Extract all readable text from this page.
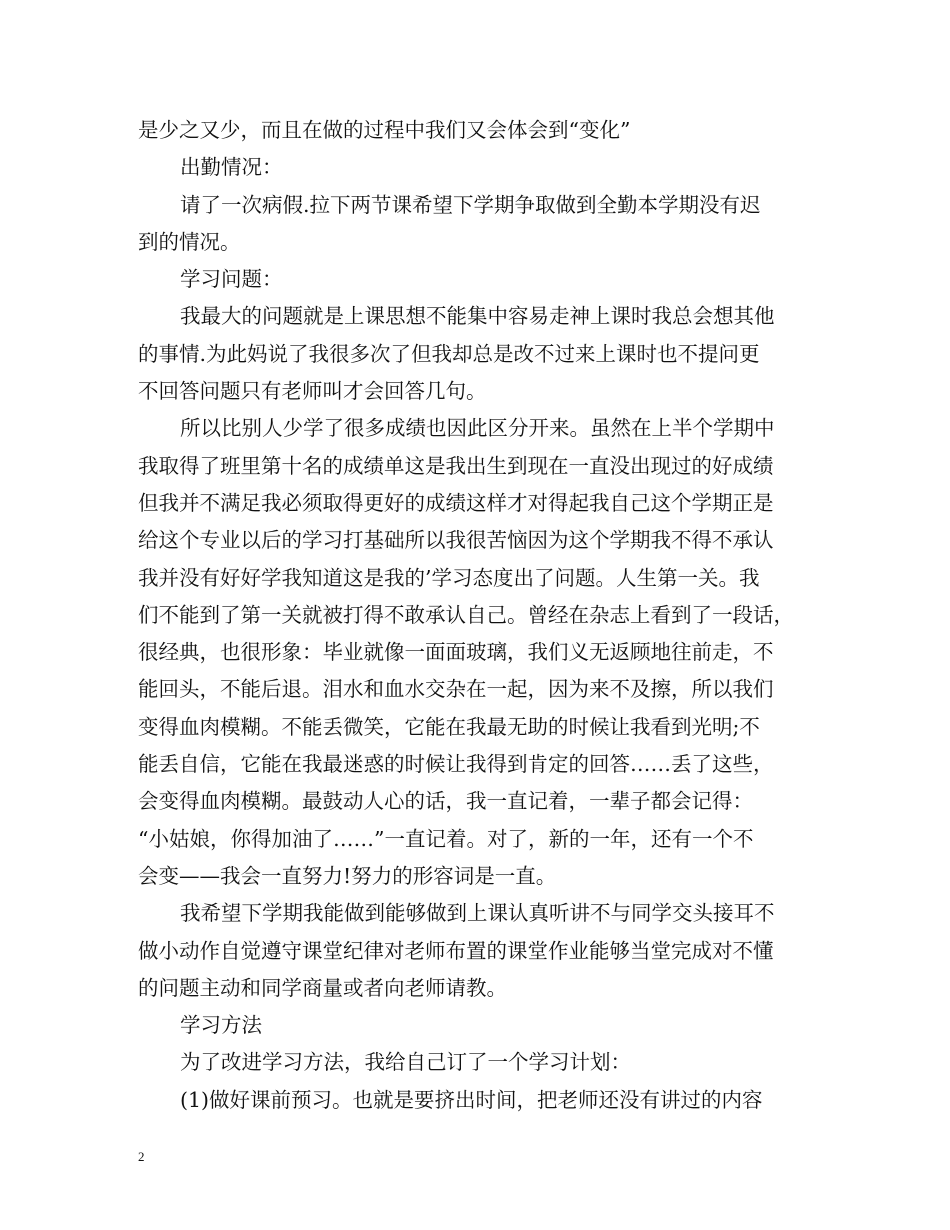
是少之又少，而且在做的过程中我们又会体会到“变化”
出勤情况：
请了一次病假.拉下两节课希望下学期争取做到全勤本学期没有迟
到的情况。
学习问题：
我最大的问题就是上课思想不能集中容易走神上课时我总会想其他
的事情.为此妈说了我很多次了但我却总是改不过来上课时也不提问更
不回答问题只有老师叫才会回答几句。
所以比别人少学了很多成绩也因此区分开来。虽然在上半个学期中
我取得了班里第十名的成绩单这是我出生到现在一直没出现过的好成绩
但我并不满足我必须取得更好的成绩这样才对得起我自己这个学期正是
给这个专业以后的学习打基础所以我很苦恼因为这个学期我不得不承认
我并没有好好学我知道这是我的’学习态度出了问题。人生第一关。我
们不能到了第一关就被打得不敢承认自己。曾经在杂志上看到了一段话，
很经典，也很形象：毕业就像一面面玻璃，我们义无返顾地往前走，不
能回头，不能后退。泪水和血水交杂在一起，因为来不及擦，所以我们
变得血肉模糊。不能丢微笑，它能在我最无助的时候让我看到光明;不
能丢自信，它能在我最迷惑的时候让我得到肯定的回答……丢了这些，
会变得血肉模糊。最鼓动人心的话，我一直记着，一辈子都会记得：
“小姑娘，你得加油了……”一直记着。对了，新的一年，还有一个不
会变——我会一直努力!努力的形容词是一直。
我希望下学期我能做到能够做到上课认真听讲不与同学交头接耳不
做小动作自觉遵守课堂纪律对老师布置的课堂作业能够当堂完成对不懂
的问题主动和同学商量或者向老师请教。
学习方法
为了改进学习方法，我给自己订了一个学习计划：
(1)做好课前预习。也就是要挤出时间，把老师还没有讲过的内容
2
